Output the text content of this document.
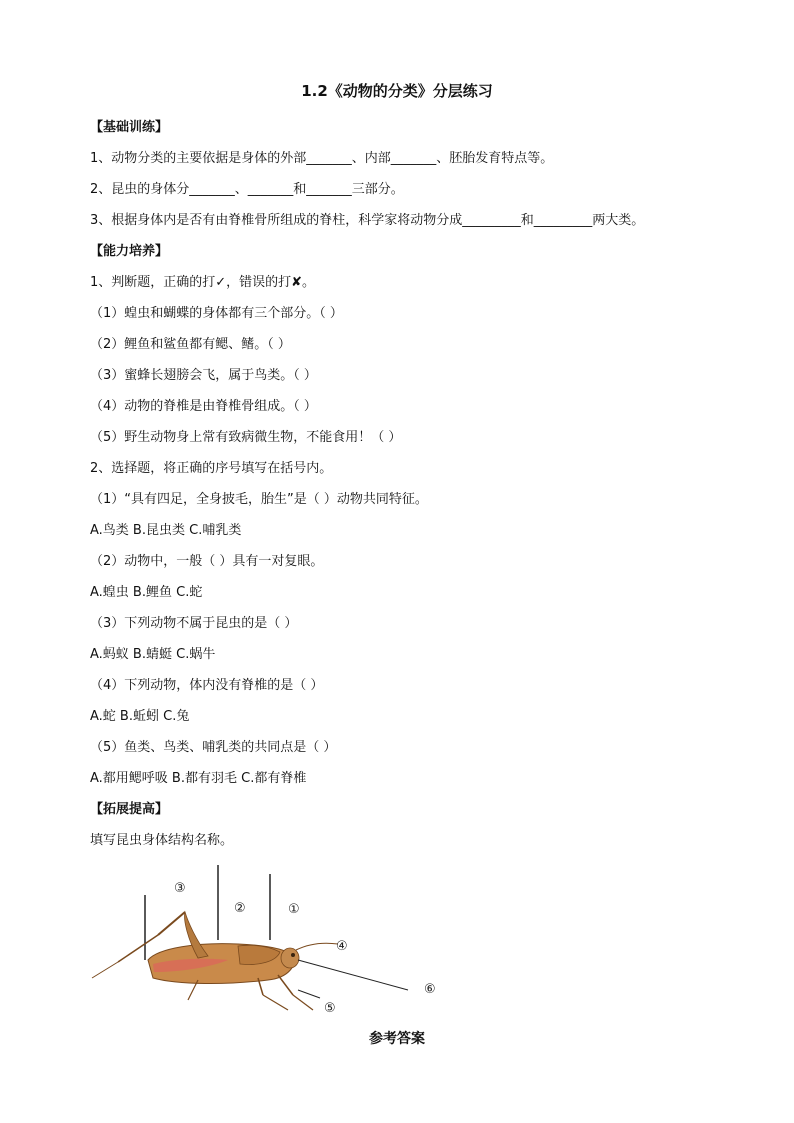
1.2《动物的分类》分层练习
【基础训练】
1、动物分类的主要依据是身体的外部_______、内部_______、胚胎发育特点等。
2、昆虫的身体分_______、_______和_______三部分。
3、根据身体内是否有由脊椎骨所组成的脊柱，科学家将动物分成_________和_________两大类。
【能力培养】
1、判断题，正确的打✓，错误的打✘。
（1）蝗虫和蝴蝶的身体都有三个部分。（ ）
（2）鲤鱼和鲨鱼都有鳃、鳍。（ ）
（3）蜜蜂长翅膀会飞，属于鸟类。（ ）
（4）动物的脊椎是由脊椎骨组成。（ ）
（5）野生动物身上常有致病微生物，不能食用！（ ）
2、选择题，将正确的序号填写在括号内。
（1）“具有四足，全身披毛，胎生”是（ ）动物共同特征。
A.鸟类 B.昆虫类 C.哺乳类
（2）动物中，一般（ ）具有一对复眼。
A.蝗虫 B.鲤鱼 C.蛇
（3）下列动物不属于昆虫的是（ ）
A.蚂蚁 B.蜻蜓 C.蜗牛
（4）下列动物，体内没有脊椎的是（ ）
A.蛇 B.蚯蚓 C.兔
（5）鱼类、鸟类、哺乳类的共同点是（ ）
A.都用鳃呼吸 B.都有羽毛 C.都有脊椎
【拓展提高】
填写昆虫身体结构名称。
③
②	①
④
⑤
⑥
参考答案
